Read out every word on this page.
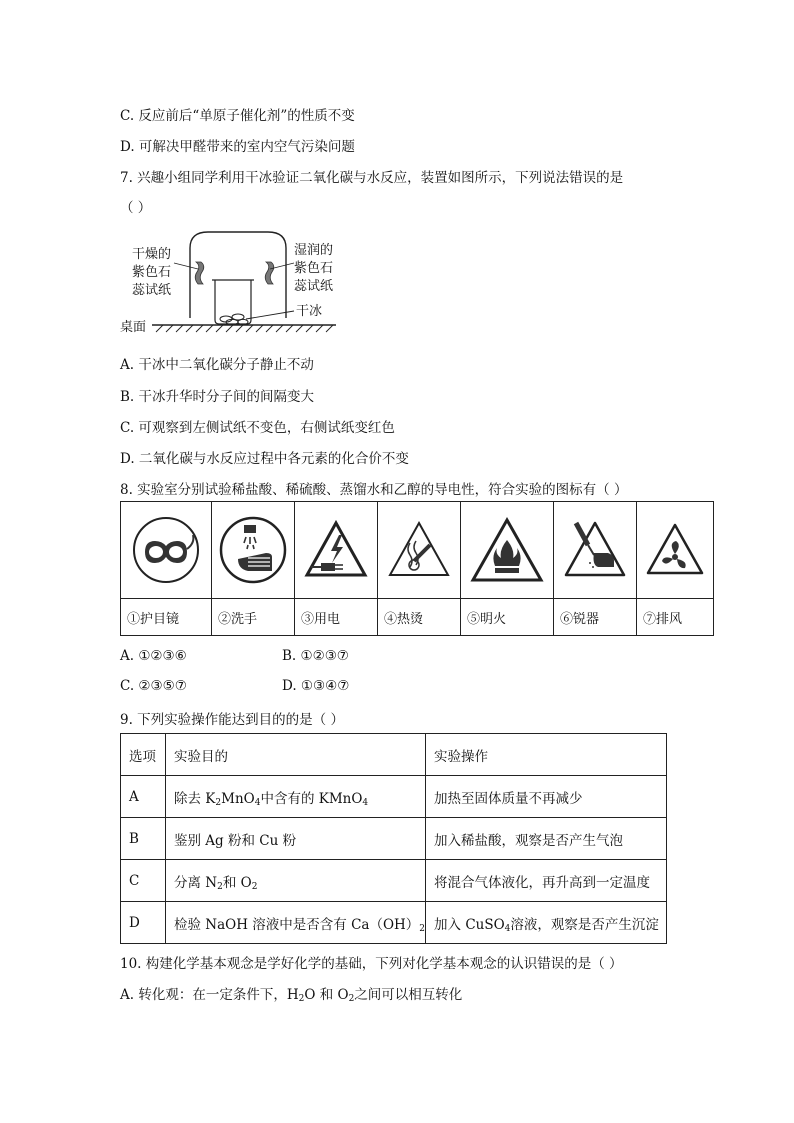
C. 反应前后“单原子催化剂”的性质不变
D. 可解决甲醛带来的室内空气污染问题
7. 兴趣小组同学利用干冰验证二氧化碳与水反应，装置如图所示，下列说法错误的是
（ ）
干燥的
紫色石
蕊试纸
湿润的
紫色石
蕊试纸
干冰
桌面
A. 干冰中二氧化碳分子静止不动
B. 干冰升华时分子间的间隔变大
C. 可观察到左侧试纸不变色，右侧试纸变红色
D. 二氧化碳与水反应过程中各元素的化合价不变
8. 实验室分别试验稀盐酸、稀硫酸、蒸馏水和乙醇的导电性，符合实验的图标有（ ）

①护目镜	②洗手	③用电	④热烫	⑤明火	⑥锐器	⑦排风
A. ①②③⑥	B. ①②③⑦
C. ②③⑤⑦	D. ①③④⑦
9. 下列实验操作能达到目的的是（ ）
选项	实验目的	实验操作
A	除去 $K_2MnO_4$中含有的 KMnO$_4$	加热至固体质量不再减少
B	鉴别 Ag 粉和 Cu 粉	加入稀盐酸，观察是否产生气泡
C	分离 $N_2$和 $O_2$	将混合气体液化，再升高到一定温度
D	检验 NaOH 溶液中是否含有 $Ca(OH)_2$	加入 CuSO$_4$溶液，观察是否产生沉淀
10. 构建化学基本观念是学好化学的基础，下列对化学基本观念的认识错误的是（ ）
A. 转化观：在一定条件下，$H_2O$ 和 $O_2$之间可以相互转化
